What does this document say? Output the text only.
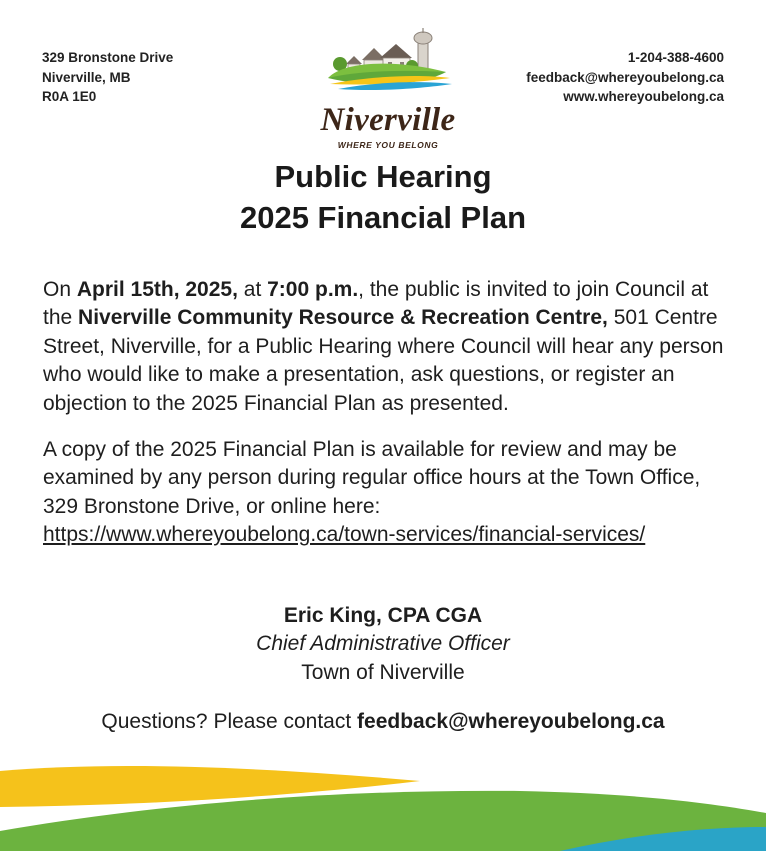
329 Bronstone Drive
Niverville, MB
R0A 1E0
1-204-388-4600
feedback@whereyoubelong.ca
www.whereyoubelong.ca
Niverville
WHERE YOU BELONG
Public Hearing
2025 Financial Plan

On April 15th, 2025, at 7:00 p.m., the public is invited to join Council at the Niverville Community Resource & Recreation Centre, 501 Centre Street, Niverville, for a Public Hearing where Council will hear any person who would like to make a presentation, ask questions, or register an objection to the 2025 Financial Plan as presented.

A copy of the 2025 Financial Plan is available for review and may be examined by any person during regular office hours at the Town Office, 329 Bronstone Drive, or online here:
https://www.whereyoubelong.ca/town-services/financial-services/

Eric King, CPA CGA
Chief Administrative Officer
Town of Niverville
Questions? Please contact feedback@whereyoubelong.ca
